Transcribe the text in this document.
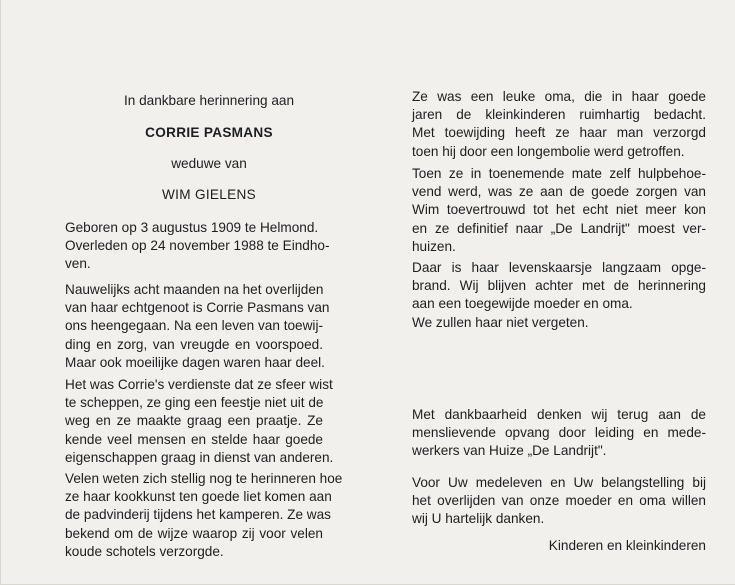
In dankbare herinnering aan
CORRIE PASMANS
weduwe van
WIM GIELENS
Geboren op 3 augustus 1909 te Helmond.
Overleden op 24 november 1988 te Eindho-
ven.
Nauwelijks acht maanden na het overlijden
van haar echtgenoot is Corrie Pasmans van
ons heengegaan. Na een leven van toewij-
ding en zorg, van vreugde en voorspoed.
Maar ook moeilijke dagen waren haar deel.
Het was Corrie's verdienste dat ze sfeer wist
te scheppen, ze ging een feestje niet uit de
weg en ze maakte graag een praatje. Ze
kende veel mensen en stelde haar goede
eigenschappen graag in dienst van anderen.
Velen weten zich stellig nog te herinneren hoe
ze haar kookkunst ten goede liet komen aan
de padvinderij tijdens het kamperen. Ze was
bekend om de wijze waarop zij voor velen
koude schotels verzorgde.
Ze was een leuke oma, die in haar goede
jaren de kleinkinderen ruimhartig bedacht.
Met toewijding heeft ze haar man verzorgd
toen hij door een longembolie werd getroffen.
Toen ze in toenemende mate zelf hulpbehoe-
vend werd, was ze aan de goede zorgen van
Wim toevertrouwd tot het echt niet meer kon
en ze definitief naar „De Landrijt" moest ver-
huizen.
Daar is haar levenskaarsje langzaam opge-
brand. Wij blijven achter met de herinnering
aan een toegewijde moeder en oma.
We zullen haar niet vergeten.
Met dankbaarheid denken wij terug aan de
menslievende opvang door leiding en mede-
werkers van Huize „De Landrijt".
Voor Uw medeleven en Uw belangstelling bij
het overlijden van onze moeder en oma willen
wij U hartelijk danken.
Kinderen en kleinkinderen
